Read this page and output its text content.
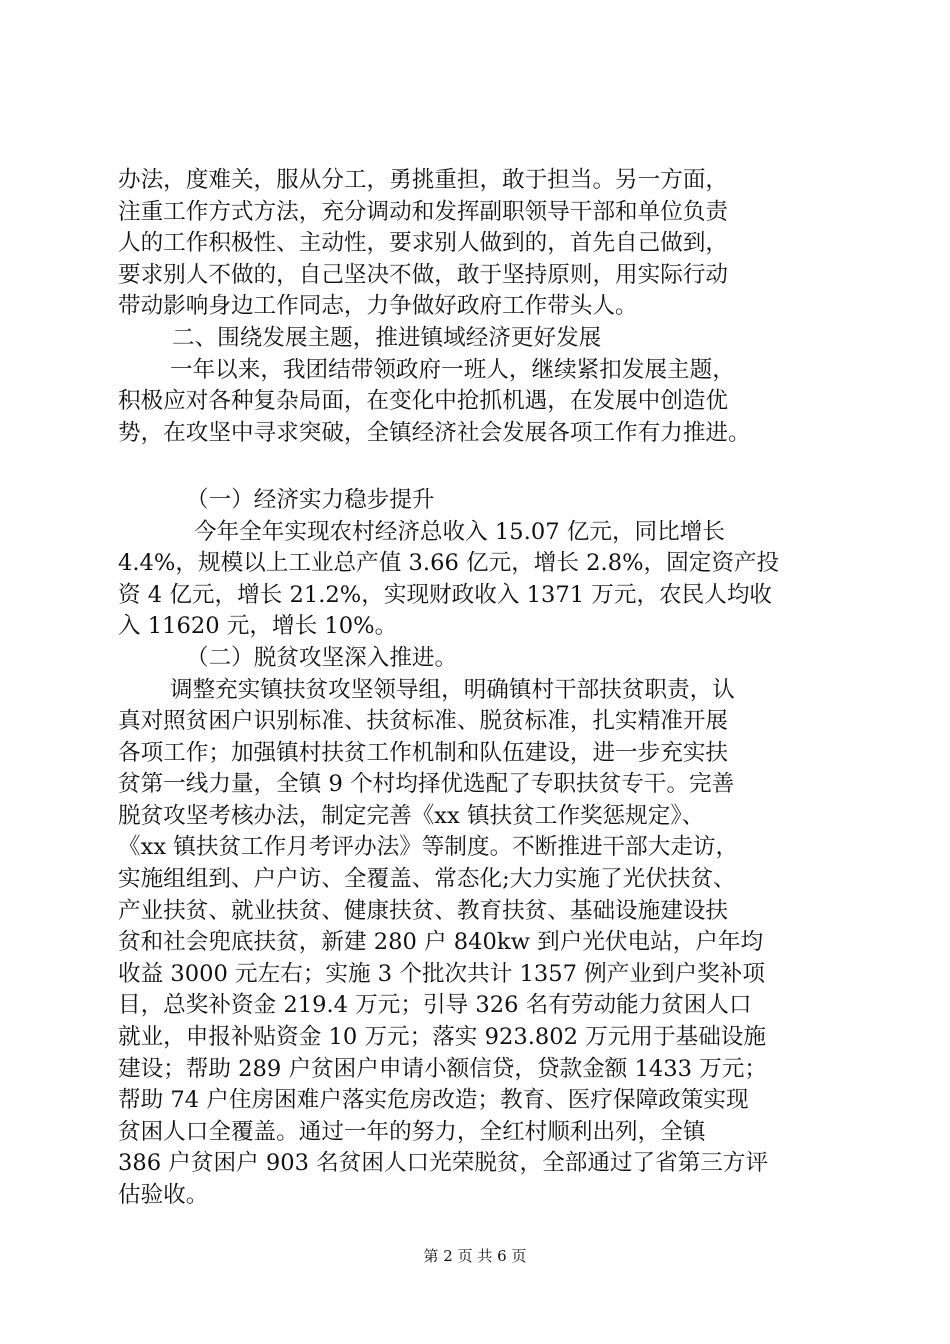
办法，度难关，服从分工，勇挑重担，敢于担当。另一方面，
注重工作方式方法，充分调动和发挥副职领导干部和单位负责
人的工作积极性、主动性，要求别人做到的，首先自己做到，
要求别人不做的，自己坚决不做，敢于坚持原则，用实际行动
带动影响身边工作同志，力争做好政府工作带头人。
二、围绕发展主题，推进镇域经济更好发展
一年以来，我团结带领政府一班人，继续紧扣发展主题，
积极应对各种复杂局面，在变化中抢抓机遇，在发展中创造优
势，在攻坚中寻求突破，全镇经济社会发展各项工作有力推进。
（一）经济实力稳步提升
今年全年实现农村经济总收入 15.07 亿元，同比增长
4.4%，规模以上工业总产值 3.66 亿元，增长 2.8%，固定资产投
资 4 亿元，增长 21.2%，实现财政收入 1371 万元，农民人均收
入 11620 元，增长 10%。
（二）脱贫攻坚深入推进。
调整充实镇扶贫攻坚领导组，明确镇村干部扶贫职责，认
真对照贫困户识别标准、扶贫标准、脱贫标准，扎实精准开展
各项工作；加强镇村扶贫工作机制和队伍建设，进一步充实扶
贫第一线力量，全镇 9 个村均择优选配了专职扶贫专干。完善
脱贫攻坚考核办法，制定完善《xx 镇扶贫工作奖惩规定》、
《xx 镇扶贫工作月考评办法》等制度。不断推进干部大走访，
实施组组到、户户访、全覆盖、常态化;大力实施了光伏扶贫、
产业扶贫、就业扶贫、健康扶贫、教育扶贫、基础设施建设扶
贫和社会兜底扶贫，新建 280 户 840kw 到户光伏电站，户年均
收益 3000 元左右；实施 3 个批次共计 1357 例产业到户奖补项
目，总奖补资金 219.4 万元；引导 326 名有劳动能力贫困人口
就业，申报补贴资金 10 万元；落实 923.802 万元用于基础设施
建设；帮助 289 户贫困户申请小额信贷，贷款金额 1433 万元；
帮助 74 户住房困难户落实危房改造；教育、医疗保障政策实现
贫困人口全覆盖。通过一年的努力，全红村顺利出列，全镇
386 户贫困户 903 名贫困人口光荣脱贫，全部通过了省第三方评
估验收。
第 2 页 共 6 页
